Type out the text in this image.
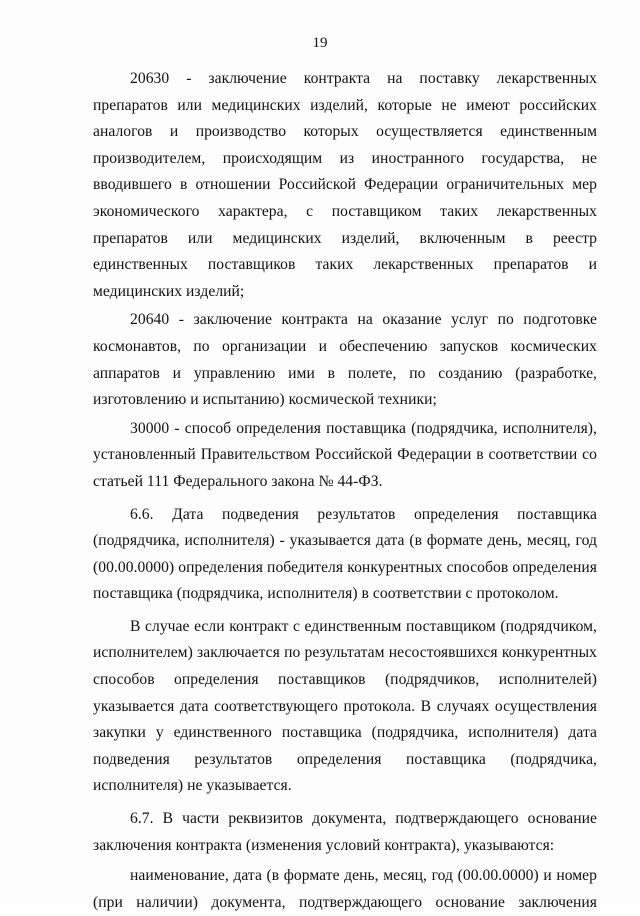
19

20630 - заключение контракта на поставку лекарственных препаратов или медицинских изделий, которые не имеют российских аналогов и производство которых осуществляется единственным производителем, происходящим из иностранного государства, не вводившего в отношении Российской Федерации ограничительных мер экономического характера, с поставщиком таких лекарственных препаратов или медицинских изделий, включенным в реестр единственных поставщиков таких лекарственных препаратов и медицинских изделий;

20640 - заключение контракта на оказание услуг по подготовке космонавтов, по организации и обеспечению запусков космических аппаратов и управлению ими в полете, по созданию (разработке, изготовлению и испытанию) космической техники;

30000 - способ определения поставщика (подрядчика, исполнителя), установленный Правительством Российской Федерации в соответствии со статьей 111 Федерального закона № 44-ФЗ.

6.6. Дата подведения результатов определения поставщика (подрядчика, исполнителя) - указывается дата (в формате день, месяц, год (00.00.0000) определения победителя конкурентных способов определения поставщика (подрядчика, исполнителя) в соответствии с протоколом.

В случае если контракт с единственным поставщиком (подрядчиком, исполнителем) заключается по результатам несостоявшихся конкурентных способов определения поставщиков (подрядчиков, исполнителей) указывается дата соответствующего протокола. В случаях осуществления закупки у единственного поставщика (подрядчика, исполнителя) дата подведения результатов определения поставщика (подрядчика, исполнителя) не указывается.

6.7. В части реквизитов документа, подтверждающего основание заключения контракта (изменения условий контракта), указываются:

наименование, дата (в формате день, месяц, год (00.00.0000) и номер (при наличии) документа, подтверждающего основание заключения
